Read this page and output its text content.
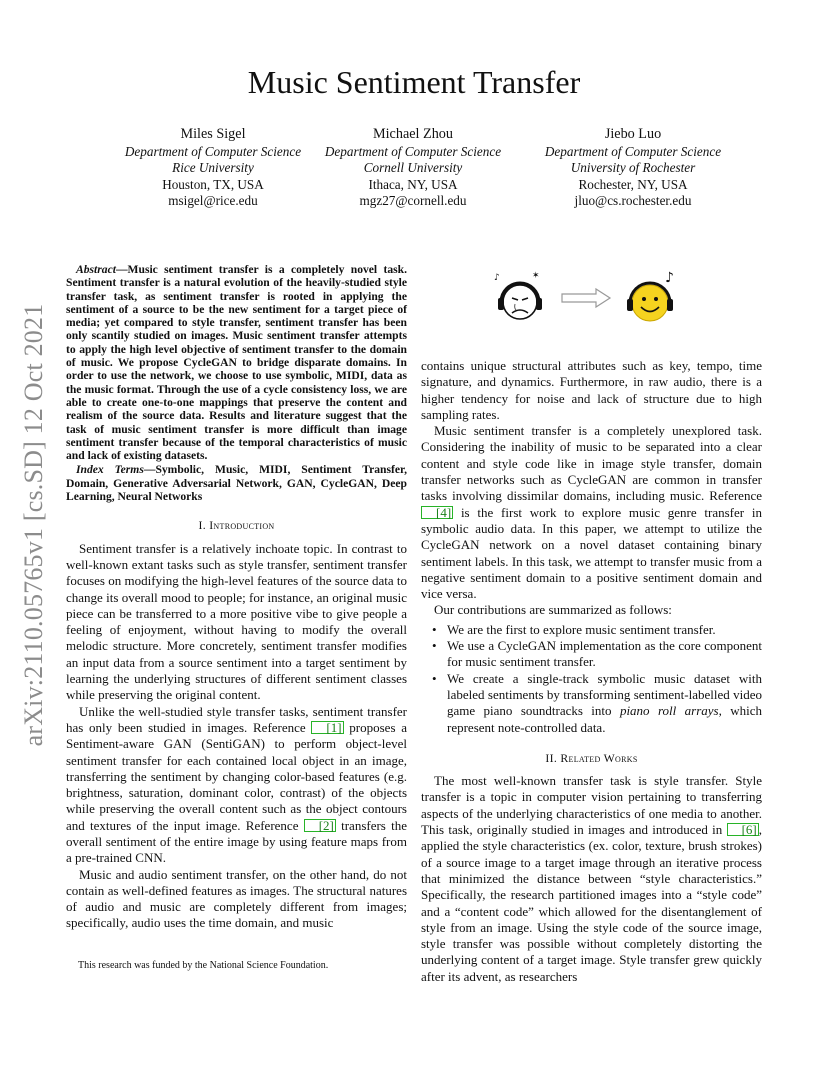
arXiv:2110.05765v1 [cs.SD] 12 Oct 2021
Music Sentiment Transfer
Miles Sigel
Department of Computer Science
Rice University
Houston, TX, USA
msigel@rice.edu
Michael Zhou
Department of Computer Science
Cornell University
Ithaca, NY, USA
mgz27@cornell.edu
Jiebo Luo
Department of Computer Science
University of Rochester
Rochester, NY, USA
jluo@cs.rochester.edu

Abstract—Music sentiment transfer is a completely novel task. Sentiment transfer is a natural evolution of the heavily-studied style transfer task, as sentiment transfer is rooted in applying the sentiment of a source to be the new sentiment for a target piece of media; yet compared to style transfer, sentiment transfer has been only scantily studied on images. Music sentiment transfer attempts to apply the high level objective of sentiment transfer to the domain of music. We propose CycleGAN to bridge disparate domains. In order to use the network, we choose to use symbolic, MIDI, data as the music format. Through the use of a cycle consistency loss, we are able to create one-to-one mappings that preserve the content and realism of the source data. Results and literature suggest that the task of music sentiment transfer is more difficult than image sentiment transfer because of the temporal characteristics of music and lack of existing datasets.

Index Terms—Symbolic, Music, MIDI, Sentiment Transfer, Domain, Generative Adversarial Network, GAN, CycleGAN, Deep Learning, Neural Networks

I. Introduction

Sentiment transfer is a relatively inchoate topic. In contrast to well-known extant tasks such as style transfer, sentiment transfer focuses on modifying the high-level features of the source data to change its overall mood to people; for instance, an original music piece can be transferred to a more positive vibe to give people a feeling of enjoyment, without having to modify the overall melodic structure. More concretely, sentiment transfer modifies an input data from a source sentiment into a target sentiment by learning the underlying structures of different sentiment classes while preserving the original content.

Unlike the well-studied style transfer tasks, sentiment transfer has only been studied in images. Reference [1] proposes a Sentiment-aware GAN (SentiGAN) to perform object-level sentiment transfer for each contained local object in an image, transferring the sentiment by changing color-based features (e.g. brightness, saturation, dominant color, contrast) of the objects while preserving the overall content such as the object contours and textures of the input image. Reference [2] transfers the overall sentiment of the entire image by using feature maps from a pre-trained CNN.

Music and audio sentiment transfer, on the other hand, do not contain as well-defined features as images. The structural natures of audio and music are completely different from images; specifically, audio uses the time domain, and music

This research was funded by the National Science Foundation.
♪	✶	♪

contains unique structural attributes such as key, tempo, time signature, and dynamics. Furthermore, in raw audio, there is a higher tendency for noise and lack of structure due to high sampling rates.

Music sentiment transfer is a completely unexplored task. Considering the inability of music to be separated into a clear content and style code like in image style transfer, domain transfer networks such as CycleGAN are common in transfer tasks involving dissimilar domains, including music. Reference [4] is the first work to explore music genre transfer in symbolic audio data. In this paper, we attempt to utilize the CycleGAN network on a novel dataset containing binary sentiment labels. In this task, we attempt to transfer music from a negative sentiment domain to a positive sentiment domain and vice versa.

Our contributions are summarized as follows:

• We are the first to explore music sentiment transfer.
• We use a CycleGAN implementation as the core component for music sentiment transfer.
• We create a single-track symbolic music dataset with labeled sentiments by transforming sentiment-labelled video game piano soundtracks into piano roll arrays, which represent note-controlled data.
II. Related Works

The most well-known transfer task is style transfer. Style transfer is a topic in computer vision pertaining to transferring aspects of the underlying characteristics of one media to another. This task, originally studied in images and introduced in [6] , applied the style characteristics (ex. color, texture, brush strokes) of a source image to a target image through an iterative process that minimized the distance between “style characteristics.” Specifically, the research partitioned images into a “style code” and a “content code” which allowed for the disentanglement of style from an image. Using the style code of the source image, style transfer was possible without completely distorting the underlying content of a target image. Style transfer grew quickly after its advent, as researchers
